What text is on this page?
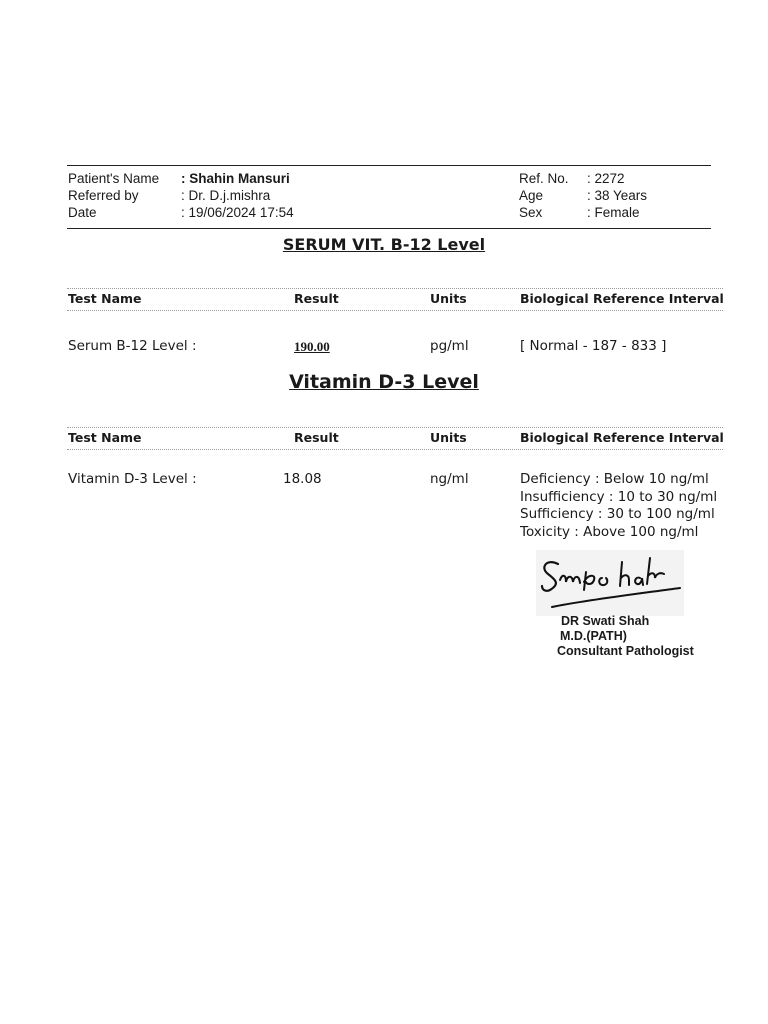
Patient's Name : Shahin Mansuri
Referred by	: Dr. D.j.mishra
Date	: 19/06/2024 17:54
Ref. No. : 2272
Age	: 38 Years
Sex	: Female
SERUM VIT. B-12 Level
Test Name	Result	Units	Biological Reference Interval
Serum B-12 Level :	190.00	pg/ml	[ Normal - 187 - 833 ]
Vitamin D-3 Level
Test Name	Result	Units	Biological Reference Interval
Vitamin D-3 Level :	18.08	ng/ml	Deficiency : Below 10 ng/ml
Insufficiency : 10 to 30 ng/ml
Sufficiency : 30 to 100 ng/ml
Toxicity : Above 100 ng/ml
DR Swati Shah
M.D.(PATH)
Consultant Pathologist
